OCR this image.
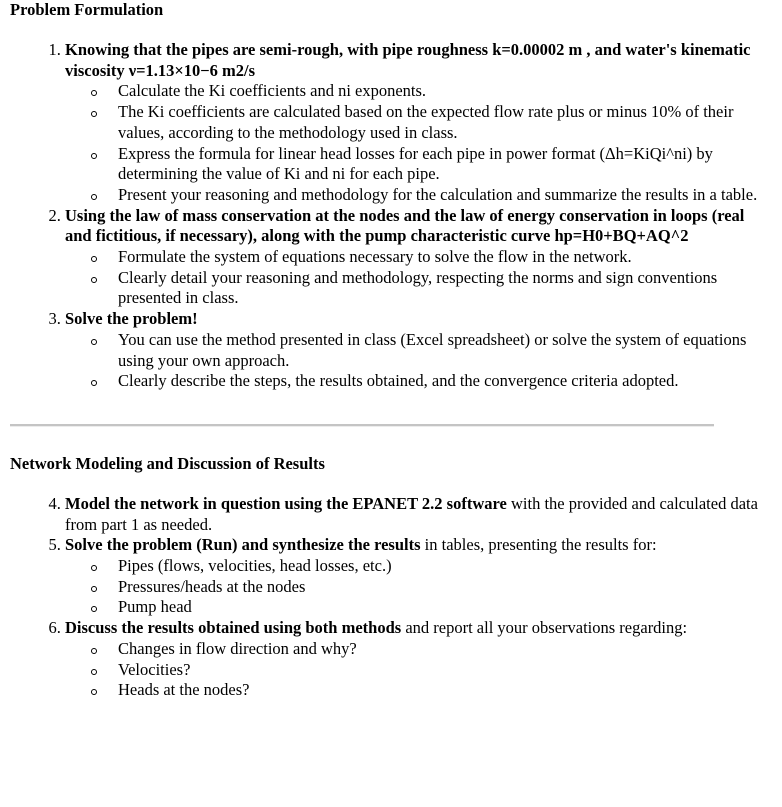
Problem Formulation
1. Knowing that the pipes are semi-rough, with pipe roughness k=0.00002 m , and water's kinematic viscosity ν=1.13×10−6 m2/s
Calculate the Ki coefficients and ni exponents.
The Ki coefficients are calculated based on the expected flow rate plus or minus 10% of their values, according to the methodology used in class.
Express the formula for linear head losses for each pipe in power format (Δh=KiQi^ni) by determining the value of Ki and ni for each pipe.
Present your reasoning and methodology for the calculation and summarize the results in a table.
2. Using the law of mass conservation at the nodes and the law of energy conservation in loops (real and fictitious, if necessary), along with the pump characteristic curve hp=H0+BQ+AQ^2
Formulate the system of equations necessary to solve the flow in the network.
Clearly detail your reasoning and methodology, respecting the norms and sign conventions presented in class.
3. Solve the problem!
You can use the method presented in class (Excel spreadsheet) or solve the system of equations using your own approach.
Clearly describe the steps, the results obtained, and the convergence criteria adopted.
Network Modeling and Discussion of Results
4. Model the network in question using the EPANET 2.2 software with the provided and calculated data from part 1 as needed.
5. Solve the problem (Run) and synthesize the results in tables, presenting the results for:
Pipes (flows, velocities, head losses, etc.)
Pressures/heads at the nodes
Pump head
6. Discuss the results obtained using both methods and report all your observations regarding:
Changes in flow direction and why?
Velocities?
Heads at the nodes?
